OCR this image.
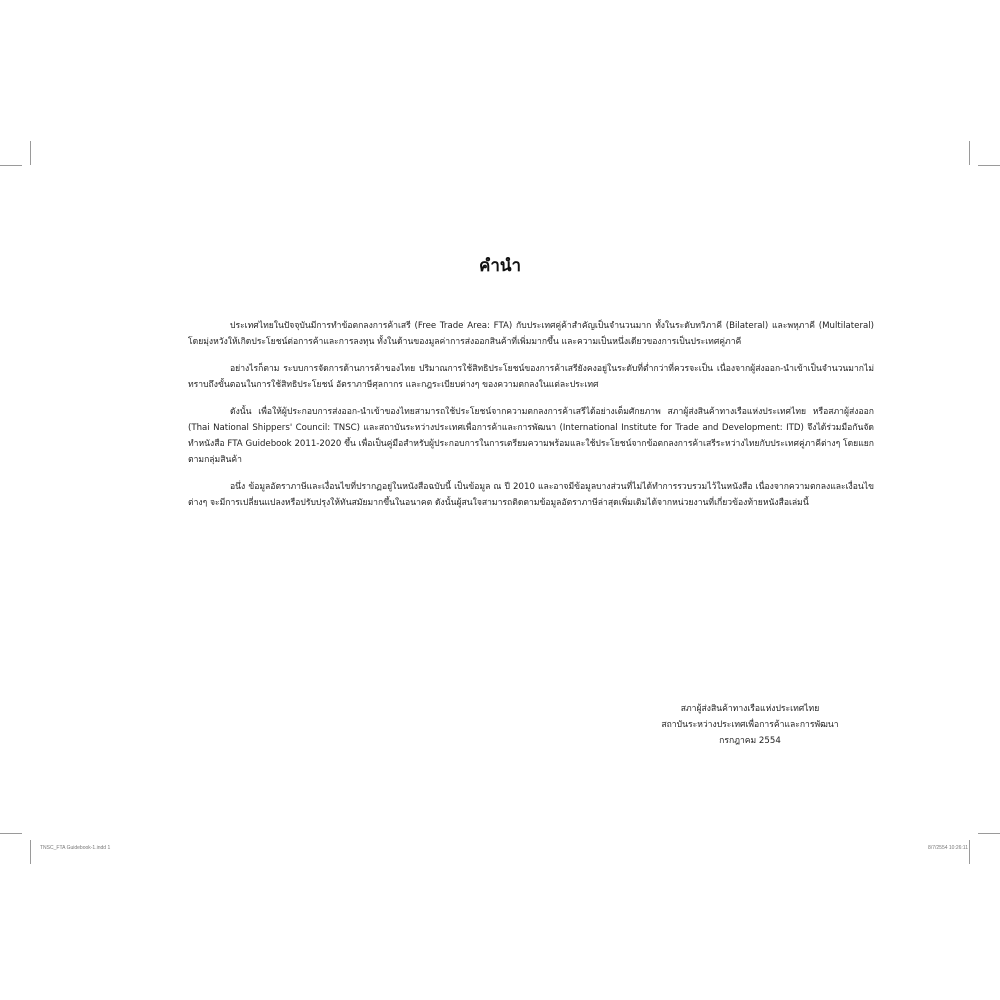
TNSC_FTA Guidebook-1.indd 1	8/7/2554 10:26:11
คำนำ

ประเทศไทยในปัจจุบันมีการทำข้อตกลงการค้าเสรี (Free Trade Area: FTA) กับประเทศคู่ค้าสำคัญเป็นจำนวนมาก ทั้งในระดับทวิภาคี (Bilateral) และพหุภาคี (Multilateral) โดยมุ่งหวังให้เกิดประโยชน์ต่อการค้าและการลงทุน ทั้งในด้านของมูลค่าการส่งออกสินค้าที่เพิ่มมากขึ้น และความเป็นหนึ่งเดียวของการเป็นประเทศคู่ภาคี

อย่างไรก็ตาม ระบบการจัดการด้านการค้าของไทย ปริมาณการใช้สิทธิประโยชน์ของการค้าเสรียังคงอยู่ในระดับที่ต่ำกว่าที่ควรจะเป็น เนื่องจากผู้ส่งออก-นำเข้าเป็นจำนวนมากไม่ทราบถึงขั้นตอนในการใช้สิทธิประโยชน์ อัตราภาษีศุลกากร และกฎระเบียบต่างๆ ของความตกลงในแต่ละประเทศ

ดังนั้น เพื่อให้ผู้ประกอบการส่งออก-นำเข้าของไทยสามารถใช้ประโยชน์จากความตกลงการค้าเสรีได้อย่างเต็มศักยภาพ สภาผู้ส่งสินค้าทางเรือแห่งประเทศไทย หรือสภาผู้ส่งออก (Thai National Shippers' Council: TNSC) และสถาบันระหว่างประเทศเพื่อการค้าและการพัฒนา (International Institute for Trade and Development: ITD) จึงได้ร่วมมือกันจัดทำหนังสือ FTA Guidebook 2011-2020 ขึ้น เพื่อเป็นคู่มือสำหรับผู้ประกอบการในการเตรียมความพร้อมและใช้ประโยชน์จากข้อตกลงการค้าเสรีระหว่างไทยกับประเทศคู่ภาคีต่างๆ โดยแยกตามกลุ่มสินค้า

อนึ่ง ข้อมูลอัตราภาษีและเงื่อนไขที่ปรากฏอยู่ในหนังสือฉบับนี้ เป็นข้อมูล ณ ปี 2010 และอาจมีข้อมูลบางส่วนที่ไม่ได้ทำการรวบรวมไว้ในหนังสือ เนื่องจากความตกลงและเงื่อนไขต่างๆ จะมีการเปลี่ยนแปลงหรือปรับปรุงให้ทันสมัยมากขึ้นในอนาคต ดังนั้นผู้สนใจสามารถติดตามข้อมูลอัตราภาษีล่าสุดเพิ่มเติมได้จากหน่วยงานที่เกี่ยวข้องท้ายหนังสือเล่มนี้

สภาผู้ส่งสินค้าทางเรือแห่งประเทศไทย
สถาบันระหว่างประเทศเพื่อการค้าและการพัฒนา
กรกฎาคม 2554
